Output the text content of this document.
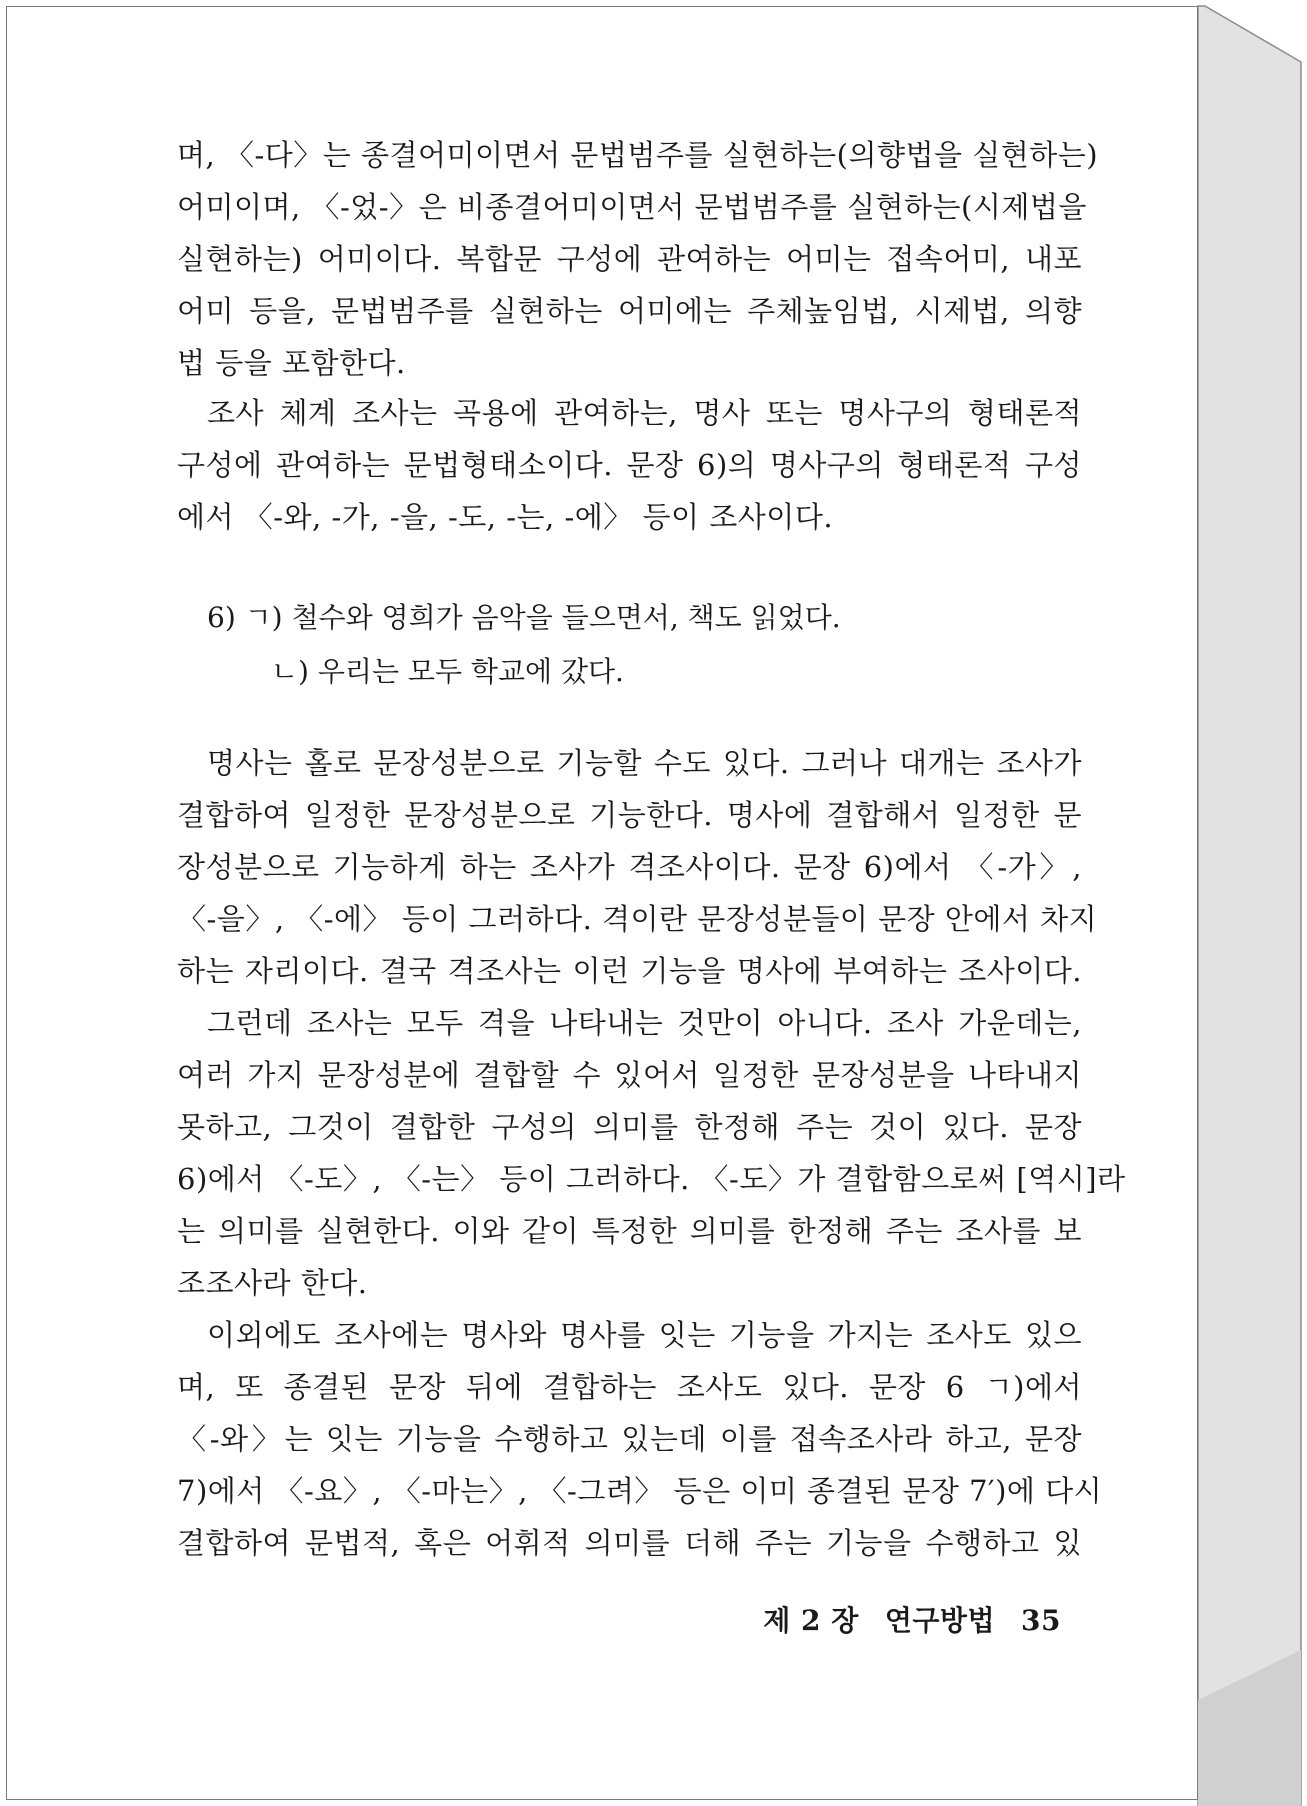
며, 〈-다〉는 종결어미이면서 문법범주를 실현하는(의향법을 실현하는)
어미이며, 〈-었-〉은 비종결어미이면서 문법범주를 실현하는(시제법을
실현하는) 어미이다. 복합문 구성에 관여하는 어미는 접속어미, 내포
어미 등을, 문법범주를 실현하는 어미에는 주체높임법, 시제법, 의향
법 등을 포함한다.
조사 체계 조사는 곡용에 관여하는, 명사 또는 명사구의 형태론적
구성에 관여하는 문법형태소이다. 문장 6)의 명사구의 형태론적 구성
에서 〈-와, -가, -을, -도, -는, -에〉 등이 조사이다.
6) ㄱ) 철수와 영희가 음악을 들으면서, 책도 읽었다.
ㄴ) 우리는 모두 학교에 갔다.
명사는 홀로 문장성분으로 기능할 수도 있다. 그러나 대개는 조사가
결합하여 일정한 문장성분으로 기능한다. 명사에 결합해서 일정한 문
장성분으로 기능하게 하는 조사가 격조사이다. 문장 6)에서 〈-가〉,
〈-을〉, 〈-에〉 등이 그러하다. 격이란 문장성분들이 문장 안에서 차지
하는 자리이다. 결국 격조사는 이런 기능을 명사에 부여하는 조사이다.
그런데 조사는 모두 격을 나타내는 것만이 아니다. 조사 가운데는,
여러 가지 문장성분에 결합할 수 있어서 일정한 문장성분을 나타내지
못하고, 그것이 결합한 구성의 의미를 한정해 주는 것이 있다. 문장
6)에서 〈-도〉, 〈-는〉 등이 그러하다. 〈-도〉가 결합함으로써 [역시]라
는 의미를 실현한다. 이와 같이 특정한 의미를 한정해 주는 조사를 보
조조사라 한다.
이외에도 조사에는 명사와 명사를 잇는 기능을 가지는 조사도 있으
며, 또 종결된 문장 뒤에 결합하는 조사도 있다. 문장 6 ㄱ)에서
〈-와〉는 잇는 기능을 수행하고 있는데 이를 접속조사라 하고, 문장
7)에서 〈-요〉, 〈-마는〉, 〈-그려〉 등은 이미 종결된 문장 7′)에 다시
결합하여 문법적, 혹은 어휘적 의미를 더해 주는 기능을 수행하고 있
제 2 장 연구방법 35
